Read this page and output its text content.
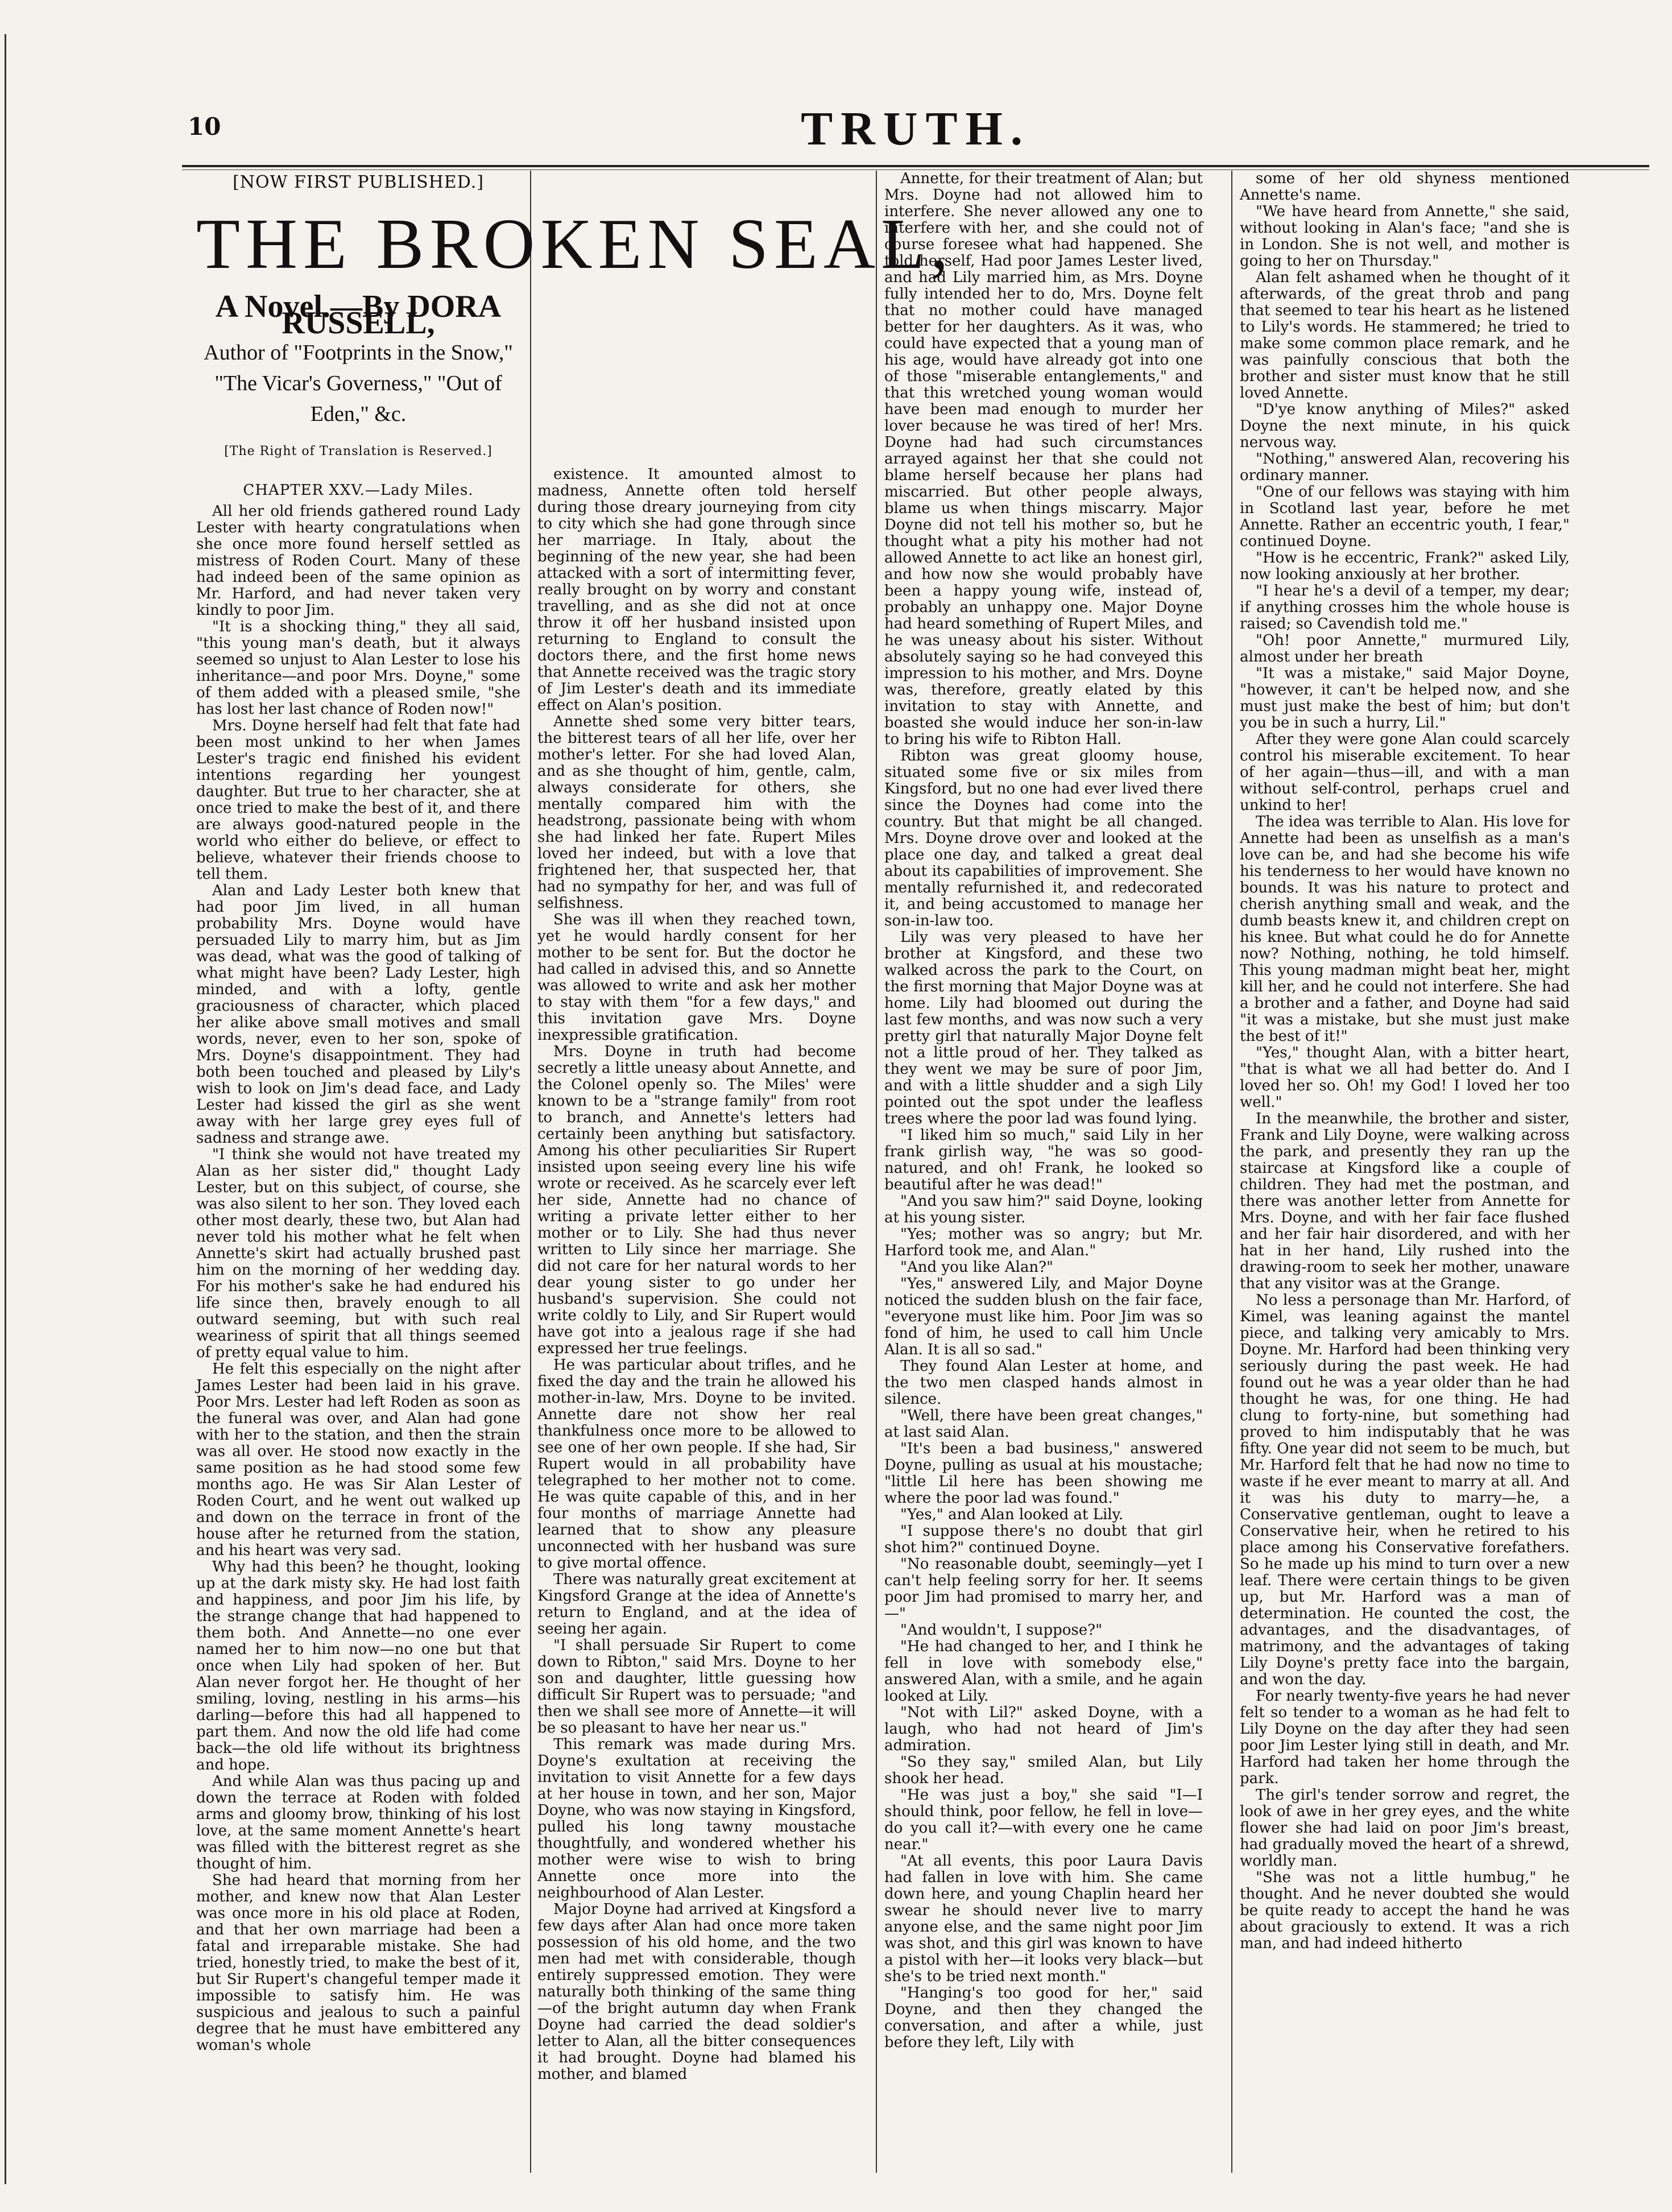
10	TRUTH.
[NOW FIRST PUBLISHED.]
THE BROKEN SEAL,
A Novel.—By DORA RUSSELL,
Author of "Footprints in the Snow," "The Vicar's Governess," "Out of Eden," &c.
[The Right of Translation is Reserved.]
CHAPTER XXV.—Lady Miles.

All her old friends gathered round Lady Lester with hearty congratulations when she once more found herself settled as mistress of Roden Court. Many of these had indeed been of the same opinion as Mr. Harford, and had never taken very kindly to poor Jim.

"It is a shocking thing," they all said, "this young man's death, but it always seemed so unjust to Alan Lester to lose his inheritance—and poor Mrs. Doyne," some of them added with a pleased smile, "she has lost her last chance of Roden now!"

Mrs. Doyne herself had felt that fate had been most unkind to her when James Lester's tragic end finished his evident intentions regarding her youngest daughter. But true to her character, she at once tried to make the best of it, and there are always good-natured people in the world who either do believe, or effect to believe, whatever their friends choose to tell them.

Alan and Lady Lester both knew that had poor Jim lived, in all human probability Mrs. Doyne would have persuaded Lily to marry him, but as Jim was dead, what was the good of talking of what might have been? Lady Lester, high minded, and with a lofty, gentle graciousness of character, which placed her alike above small motives and small words, never, even to her son, spoke of Mrs. Doyne's disappointment. They had both been touched and pleased by Lily's wish to look on Jim's dead face, and Lady Lester had kissed the girl as she went away with her large grey eyes full of sadness and strange awe.

"I think she would not have treated my Alan as her sister did," thought Lady Lester, but on this subject, of course, she was also silent to her son. They loved each other most dearly, these two, but Alan had never told his mother what he felt when Annette's skirt had actually brushed past him on the morning of her wedding day. For his mother's sake he had endured his life since then, bravely enough to all outward seeming, but with such real weariness of spirit that all things seemed of pretty equal value to him.

He felt this especially on the night after James Lester had been laid in his grave. Poor Mrs. Lester had left Roden as soon as the funeral was over, and Alan had gone with her to the station, and then the strain was all over. He stood now exactly in the same position as he had stood some few months ago. He was Sir Alan Lester of Roden Court, and he went out walked up and down on the terrace in front of the house after he returned from the station, and his heart was very sad.

Why had this been? he thought, looking up at the dark misty sky. He had lost faith and happiness, and poor Jim his life, by the strange change that had happened to them both. And Annette—no one ever named her to him now—no one but that once when Lily had spoken of her. But Alan never forgot her. He thought of her smiling, loving, nestling in his arms—his darling—before this had all happened to part them. And now the old life had come back—the old life without its brightness and hope.

And while Alan was thus pacing up and down the terrace at Roden with folded arms and gloomy brow, thinking of his lost love, at the same moment Annette's heart was filled with the bitterest regret as she thought of him.

She had heard that morning from her mother, and knew now that Alan Lester was once more in his old place at Roden, and that her own marriage had been a fatal and irreparable mistake. She had tried, honestly tried, to make the best of it, but Sir Rupert's changeful temper made it impossible to satisfy him. He was suspicious and jealous to such a painful degree that he must have embittered any woman's whole

existence. It amounted almost to madness, Annette often told herself during those dreary journeying from city to city which she had gone through since her marriage. In Italy, about the beginning of the new year, she had been attacked with a sort of intermitting fever, really brought on by worry and constant travelling, and as she did not at once throw it off her husband insisted upon returning to England to consult the doctors there, and the first home news that Annette received was the tragic story of Jim Lester's death and its immediate effect on Alan's position.

Annette shed some very bitter tears, the bitterest tears of all her life, over her mother's letter. For she had loved Alan, and as she thought of him, gentle, calm, always considerate for others, she mentally compared him with the headstrong, passionate being with whom she had linked her fate. Rupert Miles loved her indeed, but with a love that frightened her, that suspected her, that had no sympathy for her, and was full of selfishness.

She was ill when they reached town, yet he would hardly consent for her mother to be sent for. But the doctor he had called in advised this, and so Annette was allowed to write and ask her mother to stay with them "for a few days," and this invitation gave Mrs. Doyne inexpressible gratification.

Mrs. Doyne in truth had become secretly a little uneasy about Annette, and the Colonel openly so. The Miles' were known to be a "strange family" from root to branch, and Annette's letters had certainly been anything but satisfactory. Among his other peculiarities Sir Rupert insisted upon seeing every line his wife wrote or received. As he scarcely ever left her side, Annette had no chance of writing a private letter either to her mother or to Lily. She had thus never written to Lily since her marriage. She did not care for her natural words to her dear young sister to go under her husband's supervision. She could not write coldly to Lily, and Sir Rupert would have got into a jealous rage if she had expressed her true feelings.

He was particular about trifles, and he fixed the day and the train he allowed his mother-in-law, Mrs. Doyne to be invited. Annette dare not show her real thankfulness once more to be allowed to see one of her own people. If she had, Sir Rupert would in all probability have telegraphed to her mother not to come. He was quite capable of this, and in her four months of marriage Annette had learned that to show any pleasure unconnected with her husband was sure to give mortal offence.

There was naturally great excitement at Kingsford Grange at the idea of Annette's return to England, and at the idea of seeing her again.

"I shall persuade Sir Rupert to come down to Ribton," said Mrs. Doyne to her son and daughter, little guessing how difficult Sir Rupert was to persuade; "and then we shall see more of Annette—it will be so pleasant to have her near us."

This remark was made during Mrs. Doyne's exultation at receiving the invitation to visit Annette for a few days at her house in town, and her son, Major Doyne, who was now staying in Kingsford, pulled his long tawny moustache thoughtfully, and wondered whether his mother were wise to wish to bring Annette once more into the neighbourhood of Alan Lester.

Major Doyne had arrived at Kingsford a few days after Alan had once more taken possession of his old home, and the two men had met with considerable, though entirely suppressed emotion. They were naturally both thinking of the same thing—of the bright autumn day when Frank Doyne had carried the dead soldier's letter to Alan, all the bitter consequences it had brought. Doyne had blamed his mother, and blamed

Annette, for their treatment of Alan; but Mrs. Doyne had not allowed him to interfere. She never allowed any one to interfere with her, and she could not of course foresee what had happened. She told herself, Had poor James Lester lived, and had Lily married him, as Mrs. Doyne fully intended her to do, Mrs. Doyne felt that no mother could have managed better for her daughters. As it was, who could have expected that a young man of his age, would have already got into one of those "miserable entanglements," and that this wretched young woman would have been mad enough to murder her lover because he was tired of her! Mrs. Doyne had had such circumstances arrayed against her that she could not blame herself because her plans had miscarried. But other people always, blame us when things miscarry. Major Doyne did not tell his mother so, but he thought what a pity his mother had not allowed Annette to act like an honest girl, and how now she would probably have been a happy young wife, instead of, probably an unhappy one. Major Doyne had heard something of Rupert Miles, and he was uneasy about his sister. Without absolutely saying so he had conveyed this impression to his mother, and Mrs. Doyne was, therefore, greatly elated by this invitation to stay with Annette, and boasted she would induce her son-in-law to bring his wife to Ribton Hall.

Ribton was great gloomy house, situated some five or six miles from Kingsford, but no one had ever lived there since the Doynes had come into the country. But that might be all changed. Mrs. Doyne drove over and looked at the place one day, and talked a great deal about its capabilities of improvement. She mentally refurnished it, and redecorated it, and being accustomed to manage her son-in-law too.

Lily was very pleased to have her brother at Kingsford, and these two walked across the park to the Court, on the first morning that Major Doyne was at home. Lily had bloomed out during the last few months, and was now such a very pretty girl that naturally Major Doyne felt not a little proud of her. They talked as they went we may be sure of poor Jim, and with a little shudder and a sigh Lily pointed out the spot under the leafless trees where the poor lad was found lying.

"I liked him so much," said Lily in her frank girlish way, "he was so good-natured, and oh! Frank, he looked so beautiful after he was dead!"

"And you saw him?" said Doyne, looking at his young sister.

"Yes; mother was so angry; but Mr. Harford took me, and Alan."

"And you like Alan?"

"Yes," answered Lily, and Major Doyne noticed the sudden blush on the fair face, "everyone must like him. Poor Jim was so fond of him, he used to call him Uncle Alan. It is all so sad."

They found Alan Lester at home, and the two men clasped hands almost in silence.

"Well, there have been great changes," at last said Alan.

"It's been a bad business," answered Doyne, pulling as usual at his moustache; "little Lil here has been showing me where the poor lad was found."

"Yes," and Alan looked at Lily.

"I suppose there's no doubt that girl shot him?" continued Doyne.

"No reasonable doubt, seemingly—yet I can't help feeling sorry for her. It seems poor Jim had promised to marry her, and—"

"And wouldn't, I suppose?"

"He had changed to her, and I think he fell in love with somebody else," answered Alan, with a smile, and he again looked at Lily.

"Not with Lil?" asked Doyne, with a laugh, who had not heard of Jim's admiration.

"So they say," smiled Alan, but Lily shook her head.

"He was just a boy," she said "I—I should think, poor fellow, he fell in love—do you call it?—with every one he came near."

"At all events, this poor Laura Davis had fallen in love with him. She came down here, and young Chaplin heard her swear he should never live to marry anyone else, and the same night poor Jim was shot, and this girl was known to have a pistol with her—it looks very black—but she's to be tried next month."

"Hanging's too good for her," said Doyne, and then they changed the conversation, and after a while, just before they left, Lily with

some of her old shyness mentioned Annette's name.

"We have heard from Annette," she said, without looking in Alan's face; "and she is in London. She is not well, and mother is going to her on Thursday."

Alan felt ashamed when he thought of it afterwards, of the great throb and pang that seemed to tear his heart as he listened to Lily's words. He stammered; he tried to make some common place remark, and he was painfully conscious that both the brother and sister must know that he still loved Annette.

"D'ye know anything of Miles?" asked Doyne the next minute, in his quick nervous way.

"Nothing," answered Alan, recovering his ordinary manner.

"One of our fellows was staying with him in Scotland last year, before he met Annette. Rather an eccentric youth, I fear," continued Doyne.

"How is he eccentric, Frank?" asked Lily, now looking anxiously at her brother.

"I hear he's a devil of a temper, my dear; if anything crosses him the whole house is raised; so Cavendish told me."

"Oh! poor Annette," murmured Lily, almost under her breath

"It was a mistake," said Major Doyne, "however, it can't be helped now, and she must just make the best of him; but don't you be in such a hurry, Lil."

After they were gone Alan could scarcely control his miserable excitement. To hear of her again—thus—ill, and with a man without self-control, perhaps cruel and unkind to her!

The idea was terrible to Alan. His love for Annette had been as unselfish as a man's love can be, and had she become his wife his tenderness to her would have known no bounds. It was his nature to protect and cherish anything small and weak, and the dumb beasts knew it, and children crept on his knee. But what could he do for Annette now? Nothing, nothing, he told himself. This young madman might beat her, might kill her, and he could not interfere. She had a brother and a father, and Doyne had said "it was a mistake, but she must just make the best of it!"

"Yes," thought Alan, with a bitter heart, "that is what we all had better do. And I loved her so. Oh! my God! I loved her too well."

In the meanwhile, the brother and sister, Frank and Lily Doyne, were walking across the park, and presently they ran up the staircase at Kingsford like a couple of children. They had met the postman, and there was another letter from Annette for Mrs. Doyne, and with her fair face flushed and her fair hair disordered, and with her hat in her hand, Lily rushed into the drawing-room to seek her mother, unaware that any visitor was at the Grange.

No less a personage than Mr. Harford, of Kimel, was leaning against the mantel piece, and talking very amicably to Mrs. Doyne. Mr. Harford had been thinking very seriously during the past week. He had found out he was a year older than he had thought he was, for one thing. He had clung to forty-nine, but something had proved to him indisputably that he was fifty. One year did not seem to be much, but Mr. Harford felt that he had now no time to waste if he ever meant to marry at all. And it was his duty to marry—he, a Conservative gentleman, ought to leave a Conservative heir, when he retired to his place among his Conservative forefathers. So he made up his mind to turn over a new leaf. There were certain things to be given up, but Mr. Harford was a man of determination. He counted the cost, the advantages, and the disadvantages, of matrimony, and the advantages of taking Lily Doyne's pretty face into the bargain, and won the day.

For nearly twenty-five years he had never felt so tender to a woman as he had felt to Lily Doyne on the day after they had seen poor Jim Lester lying still in death, and Mr. Harford had taken her home through the park.

The girl's tender sorrow and regret, the look of awe in her grey eyes, and the white flower she had laid on poor Jim's breast, had gradually moved the heart of a shrewd, worldly man.

"She was not a little humbug," he thought. And he never doubted she would be quite ready to accept the hand he was about graciously to extend. It was a rich man, and had indeed hitherto
